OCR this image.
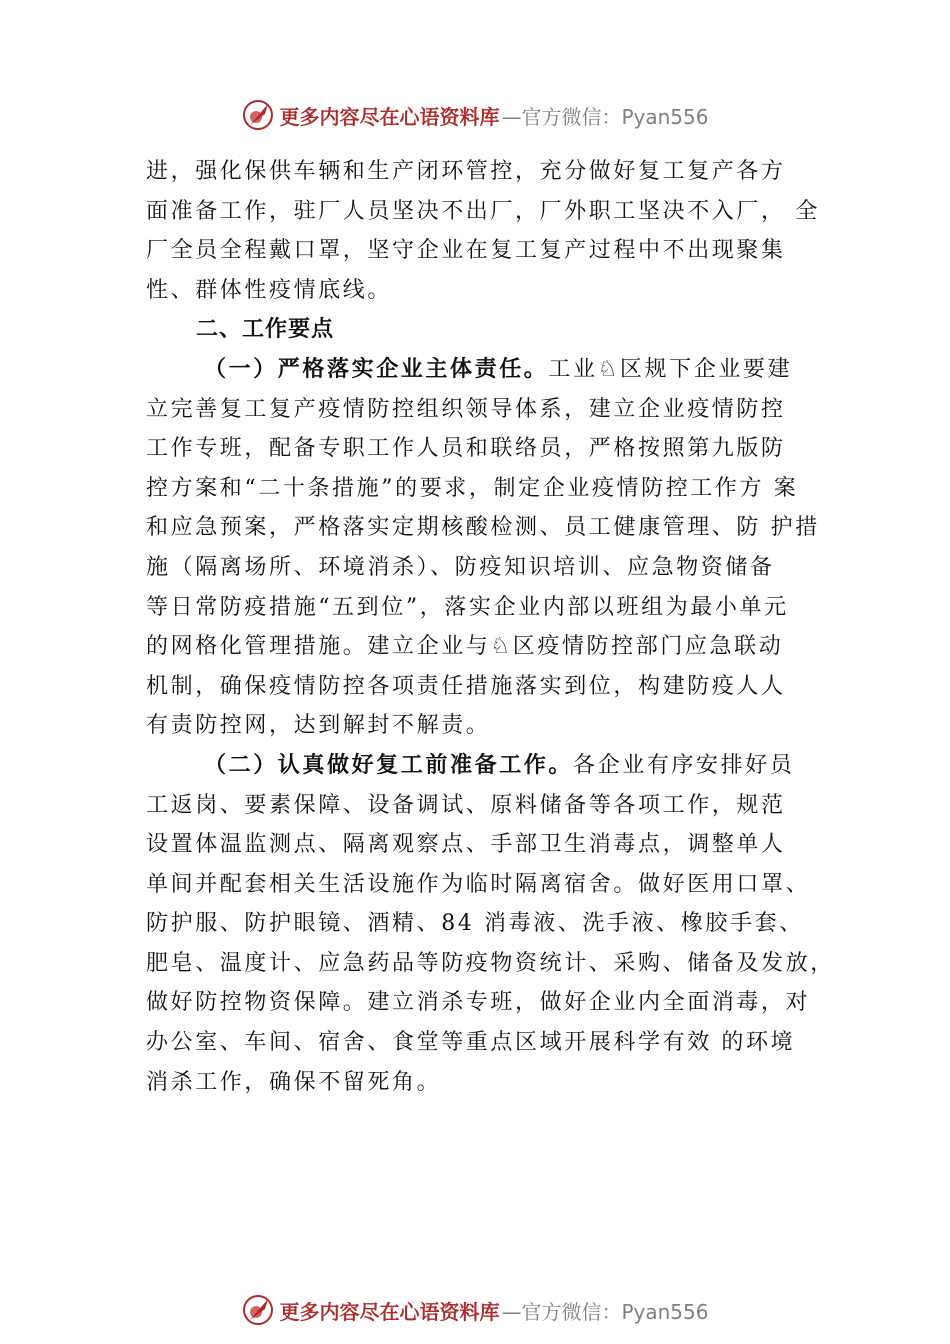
更多内容尽在心语资料库 —官方微信：Pyan556
进，强化保供车辆和生产闭环管控，充分做好复工复产各方
面准备工作，驻厂人员坚决不出厂，厂外职工坚决不入厂， 全
厂全员全程戴口罩，坚守企业在复工复产过程中不出现聚集
性、群体性疫情底线。
二、工作要点
（一）严格落实企业主体责任。工业♘区规下企业要建
立完善复工复产疫情防控组织领导体系，建立企业疫情防控
工作专班，配备专职工作人员和联络员，严格按照第九版防
控方案和“二十条措施”的要求，制定企业疫情防控工作方 案
和应急预案，严格落实定期核酸检测、员工健康管理、防 护措
施（隔离场所、环境消杀）、防疫知识培训、应急物资储备
等日常防疫措施“五到位”，落实企业内部以班组为最小单元
的网格化管理措施。建立企业与♘区疫情防控部门应急联动
机制，确保疫情防控各项责任措施落实到位，构建防疫人人
有责防控网，达到解封不解责。
（二）认真做好复工前准备工作。各企业有序安排好员
工返岗、要素保障、设备调试、原料储备等各项工作，规范
设置体温监测点、隔离观察点、手部卫生消毒点，调整单人
单间并配套相关生活设施作为临时隔离宿舍。做好医用口罩、
防护服、防护眼镜、酒精、84 消毒液、洗手液、橡胶手套、
肥皂、温度计、应急药品等防疫物资统计、采购、储备及发放，
做好防控物资保障。建立消杀专班，做好企业内全面消毒，对
办公室、车间、宿舍、食堂等重点区域开展科学有效 的环境
消杀工作，确保不留死角。
更多内容尽在心语资料库 —官方微信：Pyan556
